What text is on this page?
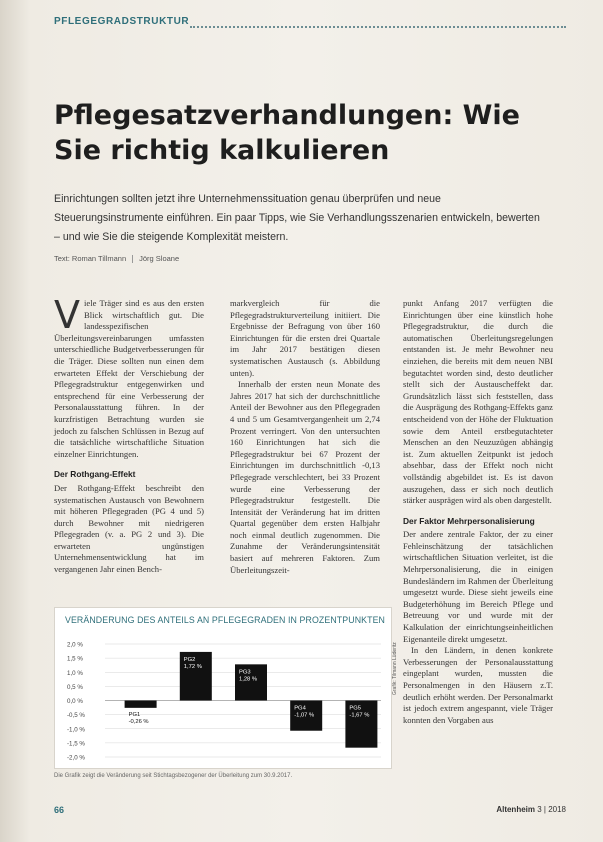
PFLEGEGRADSTRUKTUR
Pflegesatzverhandlungen: Wie Sie richtig kalkulieren

Einrichtungen sollten jetzt ihre Unternehmenssituation genau überprüfen und neue Steuerungsinstrumente einführen. Ein paar Tipps, wie Sie Verhandlungsszenarien entwickeln, bewerten – und wie Sie die steigende Komplexität meistern.

Text: Roman Tillmann Jörg Sloane
V iele Träger sind es aus den ersten Blick wirtschaftlich gut. Die landesspezifischen Überleitungsvereinbarungen umfassten unterschiedliche Budgetverbesserungen für die Träger. Diese sollten nun einen dem erwarteten Effekt der Verschiebung der Pflegegradstruktur entgegenwirken und entsprechend für eine Verbesserung der Personalausstattung führen. In der kurzfristigen Betrachtung wurden sie jedoch zu falschen Schlüssen in Bezug auf die tatsächliche wirtschaftliche Situation einzelner Einrichtungen.

Der Rothgang-Effekt

Der Rothgang-Effekt beschreibt den systematischen Austausch von Bewohnern mit höheren Pflegegraden (PG 4 und 5) durch Bewohner mit niedrigeren Pflegegraden (v. a. PG 2 und 3). Die erwarteten ungünstigen Unternehmensentwicklung hat im vergangenen Jahr einen Bench-

markvergleich für die Pflegegradstrukturverteilung initiiert. Die Ergebnisse der Befragung von über 160 Einrichtungen für die ersten drei Quartale im Jahr 2017 bestätigen diesen systematischen Austausch (s. Abbildung unten).

Innerhalb der ersten neun Monate des Jahres 2017 hat sich der durchschnittliche Anteil der Bewohner aus den Pflegegraden 4 und 5 um Gesamtvergangenheit um 2,74 Prozent verringert. Von den untersuchten 160 Einrichtungen hat sich die Pflegegradstruktur bei 67 Prozent der Einrichtungen im durchschnittlich -0,13 Pflegegrade verschlechtert, bei 33 Prozent wurde eine Verbesserung der Pflegegradstruktur festgestellt. Die Intensität der Veränderung hat im dritten Quartal gegenüber dem ersten Halbjahr noch einmal deutlich zugenommen. Die Zunahme der Veränderungsintensität basiert auf mehreren Faktoren. Zum Überleitungszeit-

punkt Anfang 2017 verfügten die Einrichtungen über eine künstlich hohe Pflegegradstruktur, die durch die automatischen Überleitungsregelungen entstanden ist. Je mehr Bewohner neu einziehen, die bereits mit dem neuen NBI begutachtet worden sind, desto deutlicher stellt sich der Austauscheffekt dar. Grundsätzlich lässt sich feststellen, dass die Ausprägung des Rothgang-Effekts ganz entscheidend von der Höhe der Fluktuation sowie dem Anteil erstbegutachteter Menschen an den Neuzuzügen abhängig ist. Zum aktuellen Zeitpunkt ist jedoch absehbar, dass der Effekt noch nicht vollständig abgebildet ist. Es ist davon auszugehen, dass er sich noch deutlich stärker ausprägen wird als oben dargestellt.

Der Faktor Mehrpersonalisierung

Der andere zentrale Faktor, der zu einer Fehleinschätzung der tatsächlichen wirtschaftlichen Situation verleitet, ist die Mehrpersonalisierung, die in einigen Bundesländern im Rahmen der Überleitung umgesetzt wurde. Diese sieht jeweils eine Budgeterhöhung im Bereich Pflege und Betreuung vor und wurde mit der Kalkulation der einrichtungseinheitlichen Eigenanteile direkt umgesetzt.

In den Ländern, in denen konkrete Verbesserungen der Personalausstattung eingeplant wurden, mussten die Personalmengen in den Häusern z.T. deutlich erhöht werden. Der Personalmarkt ist jedoch extrem angespannt, viele Träger konnten den Vorgaben aus

VERÄNDERUNG DES ANTEILS AN PFLEGEGRADEN IN PROZENTPUNKTEN
2,0 %
1,5 %
1,0 %
0,5 %
0,0 %
-0,5 %
-1,0 %
-1,5 %
-2,0 %
PG1
-0,26 %
PG2
1,72 %
PG3
1,28 %
PG4
-1,07 %
PG5
-1,67 %
Grafik: Tilmann Lüderitz
Die Grafik zeigt die Veränderung seit Stichtagsbezogener der Überleitung zum 30.9.2017.
66	Altenheim 3 | 2018
